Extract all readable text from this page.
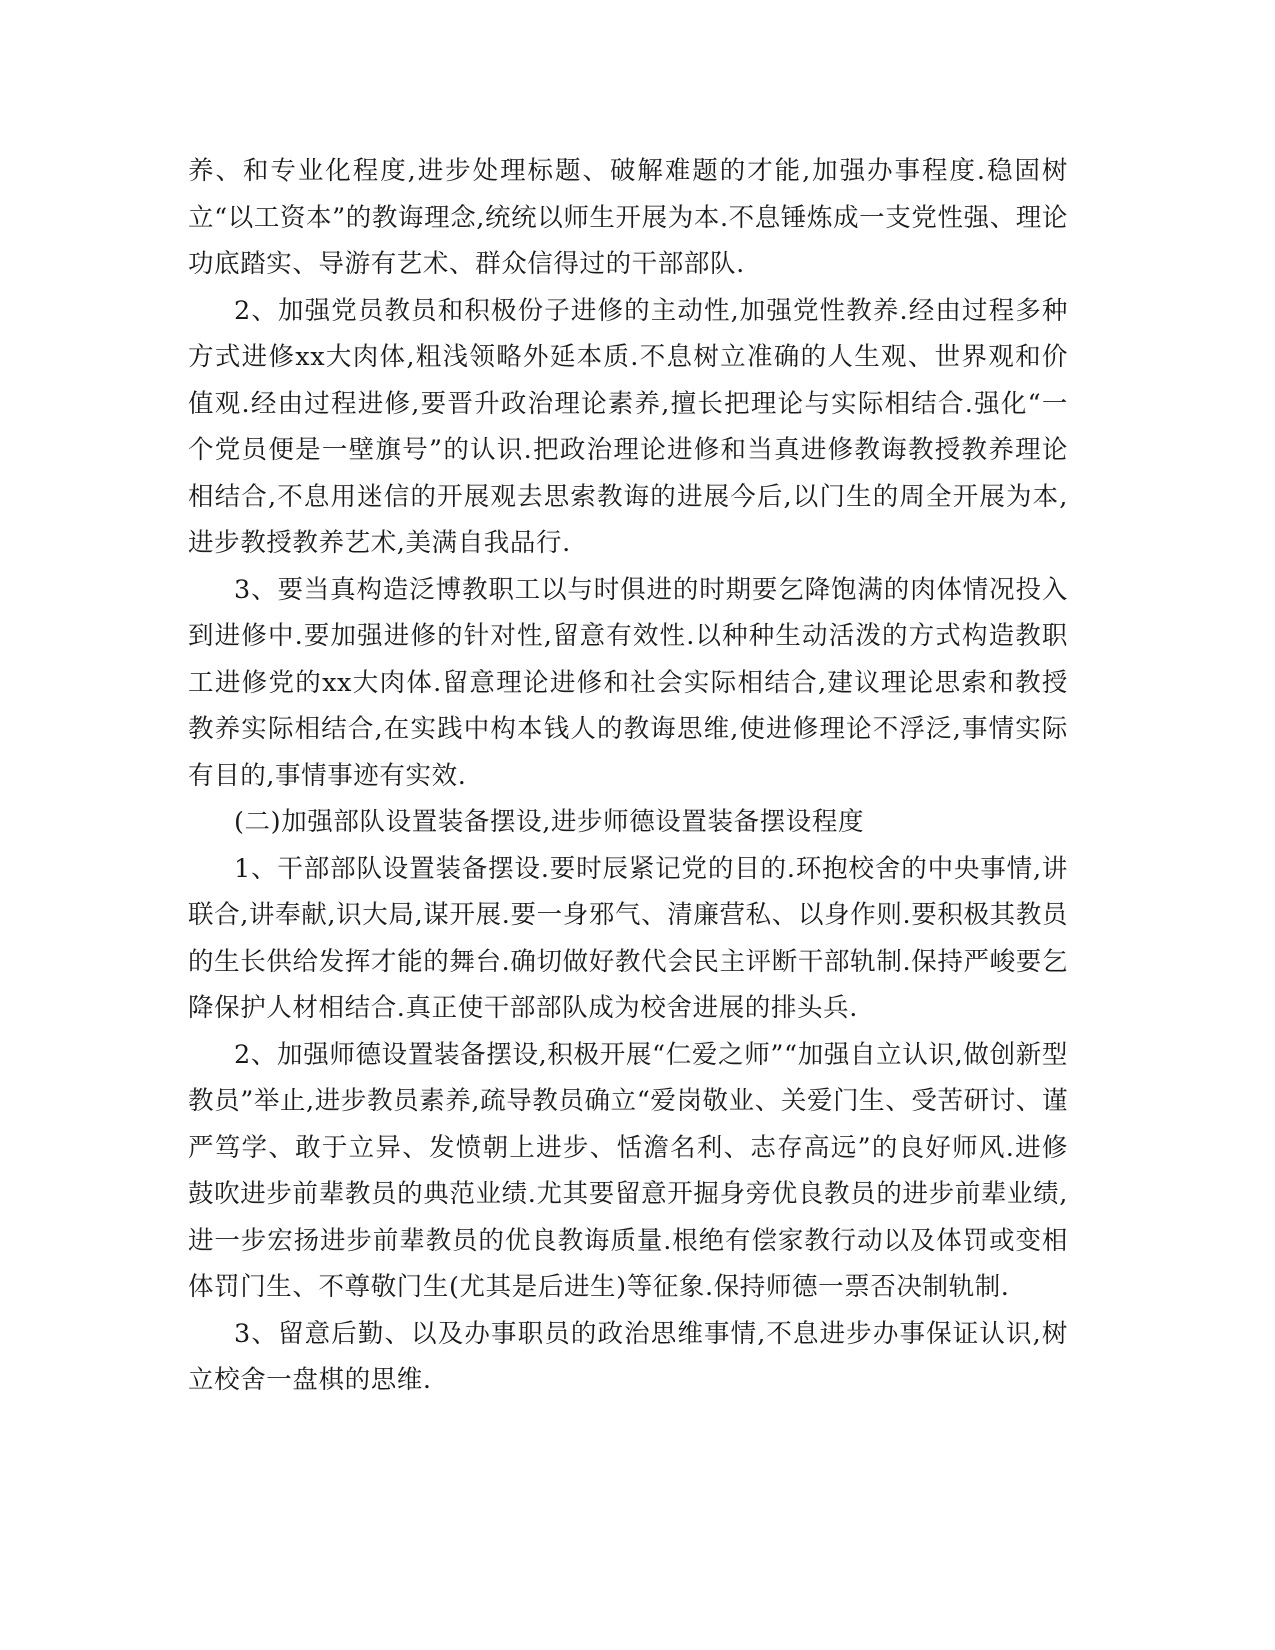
养、和专业化程度,进步处理标题、破解难题的才能,加强办事程度.稳固树立“以工资本”的教诲理念,统统以师生开展为本.不息锤炼成一支党性强、理论功底踏实、导游有艺术、群众信得过的干部部队.

2、加强党员教员和积极份子进修的主动性,加强党性教养.经由过程多种方式进修xx大肉体,粗浅领略外延本质.不息树立准确的人生观、世界观和价值观.经由过程进修,要晋升政治理论素养,擅长把理论与实际相结合.强化“一个党员便是一壁旗号”的认识.把政治理论进修和当真进修教诲教授教养理论相结合,不息用迷信的开展观去思索教诲的进展今后,以门生的周全开展为本,进步教授教养艺术,美满自我品行.

3、要当真构造泛博教职工以与时俱进的时期要乞降饱满的肉体情况投入到进修中.要加强进修的针对性,留意有效性.以种种生动活泼的方式构造教职工进修党的xx大肉体.留意理论进修和社会实际相结合,建议理论思索和教授教养实际相结合,在实践中构本钱人的教诲思维,使进修理论不浮泛,事情实际有目的,事情事迹有实效.

(二)加强部队设置装备摆设,进步师德设置装备摆设程度

1、干部部队设置装备摆设.要时辰紧记党的目的.环抱校舍的中央事情,讲联合,讲奉献,识大局,谋开展.要一身邪气、清廉营私、以身作则.要积极其教员的生长供给发挥才能的舞台.确切做好教代会民主评断干部轨制.保持严峻要乞降保护人材相结合.真正使干部部队成为校舍进展的排头兵.

2、加强师德设置装备摆设,积极开展“仁爱之师”“加强自立认识,做创新型教员”举止,进步教员素养,疏导教员确立“爱岗敬业、关爱门生、受苦研讨、谨严笃学、敢于立异、发愤朝上进步、恬澹名利、志存高远”的良好师风.进修鼓吹进步前辈教员的典范业绩.尤其要留意开掘身旁优良教员的进步前辈业绩,进一步宏扬进步前辈教员的优良教诲质量.根绝有偿家教行动以及体罚或变相体罚门生、不尊敬门生(尤其是后进生)等征象.保持师德一票否决制轨制.

3、留意后勤、以及办事职员的政治思维事情,不息进步办事保证认识,树立校舍一盘棋的思维.
